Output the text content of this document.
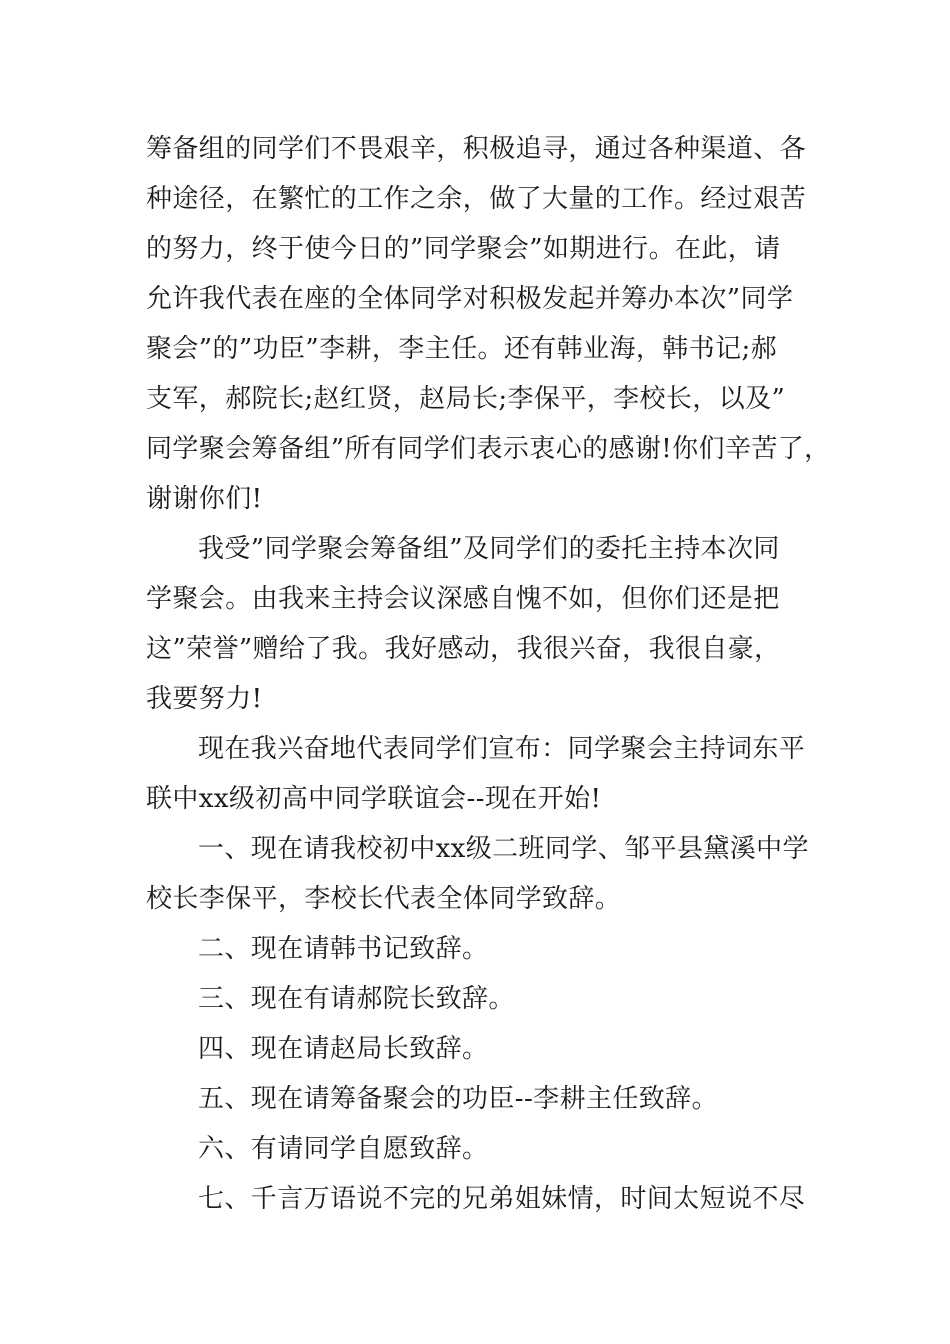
筹备组的同学们不畏艰辛，积极追寻，通过各种渠道、各
种途径，在繁忙的工作之余，做了大量的工作。经过艰苦
的努力，终于使今日的”同学聚会”如期进行。在此，请
允许我代表在座的全体同学对积极发起并筹办本次”同学
聚会”的”功臣”李耕，李主任。还有韩业海，韩书记;郝
支军，郝院长;赵红贤，赵局长;李保平，李校长，以及”
同学聚会筹备组”所有同学们表示衷心的感谢!你们辛苦了，
谢谢你们!
我受”同学聚会筹备组”及同学们的委托主持本次同
学聚会。由我来主持会议深感自愧不如，但你们还是把
这”荣誉”赠给了我。我好感动，我很兴奋，我很自豪，
我要努力!
现在我兴奋地代表同学们宣布：同学聚会主持词东平
联中xx级初高中同学联谊会--现在开始!
一、现在请我校初中xx级二班同学、邹平县黛溪中学
校长李保平，李校长代表全体同学致辞。
二、现在请韩书记致辞。
三、现在有请郝院长致辞。
四、现在请赵局长致辞。
五、现在请筹备聚会的功臣--李耕主任致辞。
六、有请同学自愿致辞。
七、千言万语说不完的兄弟姐妹情，时间太短说不尽
